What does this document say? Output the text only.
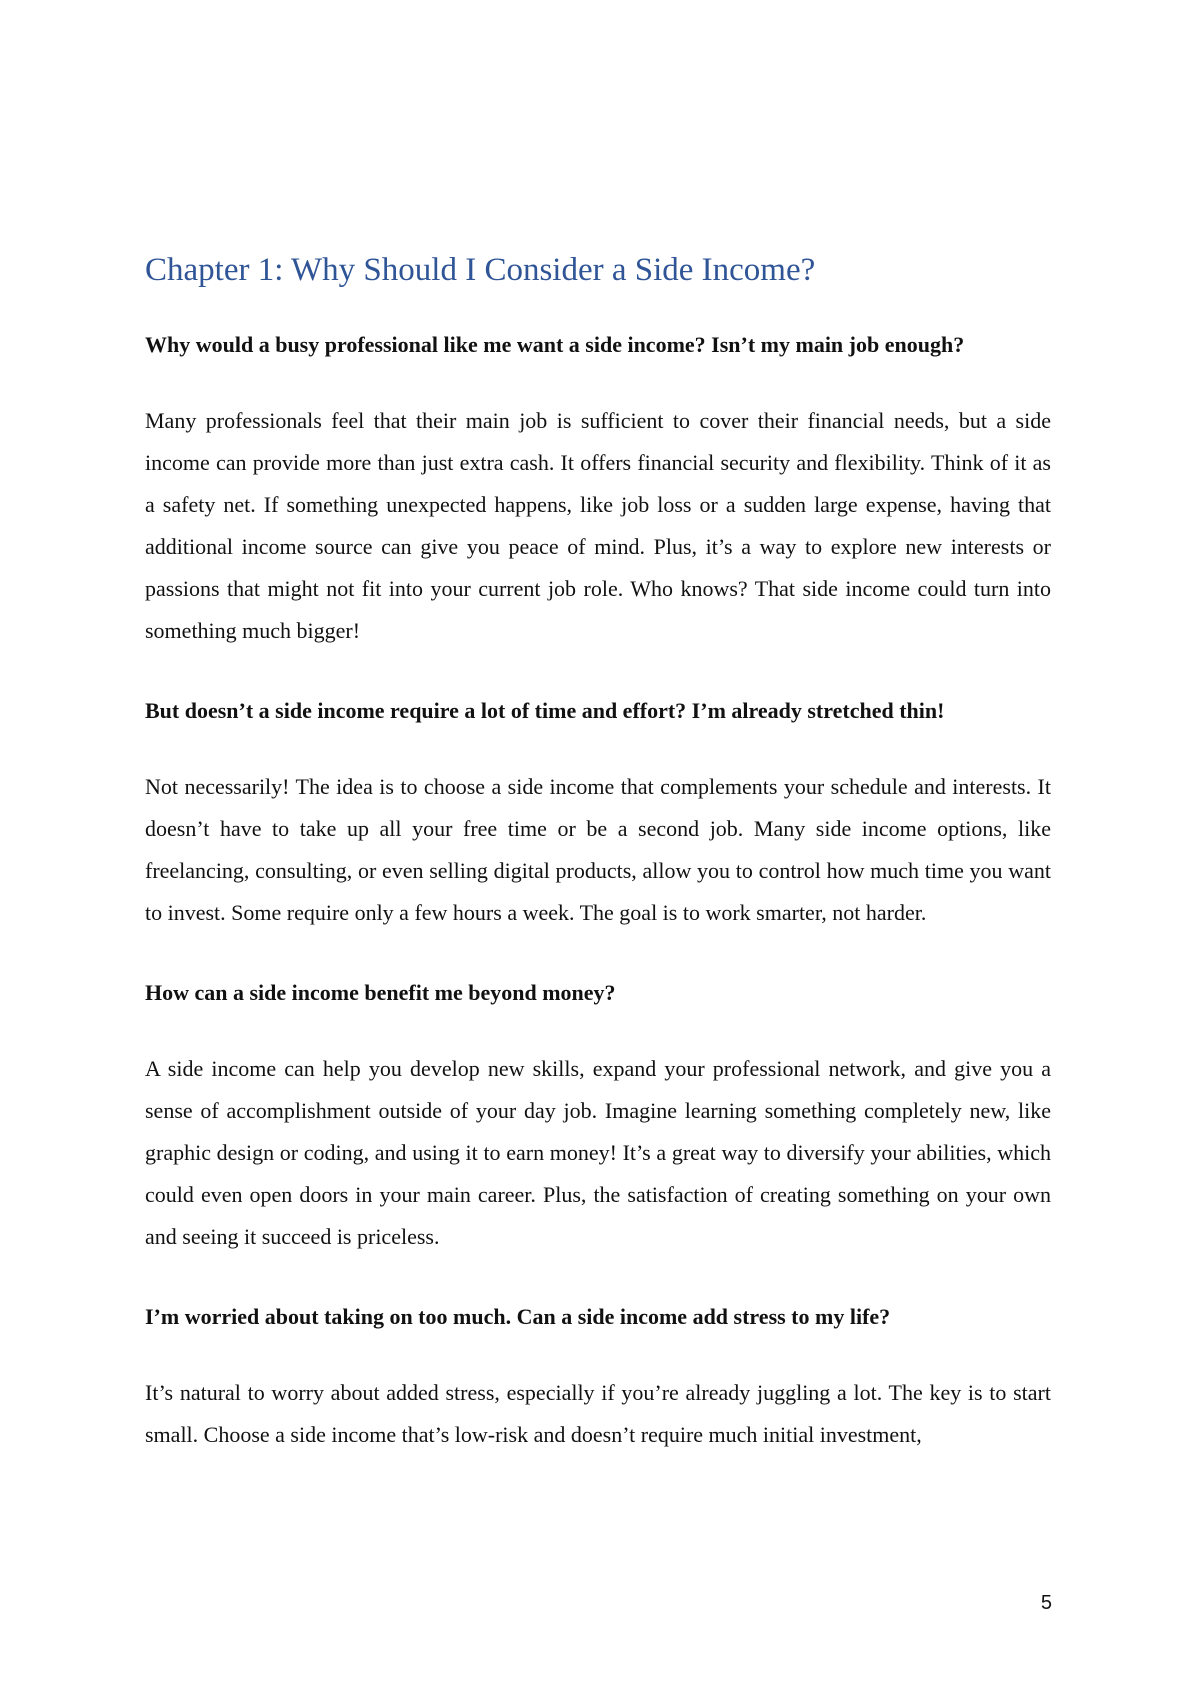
Chapter 1: Why Should I Consider a Side Income?

Why would a busy professional like me want a side income? Isn’t my main job enough?

Many professionals feel that their main job is sufficient to cover their financial needs, but a side income can provide more than just extra cash. It offers financial security and flexibility. Think of it as a safety net. If something unexpected happens, like job loss or a sudden large expense, having that additional income source can give you peace of mind. Plus, it’s a way to explore new interests or passions that might not fit into your current job role. Who knows? That side income could turn into something much bigger!

But doesn’t a side income require a lot of time and effort? I’m already stretched thin!

Not necessarily! The idea is to choose a side income that complements your schedule and interests. It doesn’t have to take up all your free time or be a second job. Many side income options, like freelancing, consulting, or even selling digital products, allow you to control how much time you want to invest. Some require only a few hours a week. The goal is to work smarter, not harder.

How can a side income benefit me beyond money?

A side income can help you develop new skills, expand your professional network, and give you a sense of accomplishment outside of your day job. Imagine learning something completely new, like graphic design or coding, and using it to earn money! It’s a great way to diversify your abilities, which could even open doors in your main career. Plus, the satisfaction of creating something on your own and seeing it succeed is priceless.

I’m worried about taking on too much. Can a side income add stress to my life?

It’s natural to worry about added stress, especially if you’re already juggling a lot. The key is to start small. Choose a side income that’s low-risk and doesn’t require much initial investment,

5
